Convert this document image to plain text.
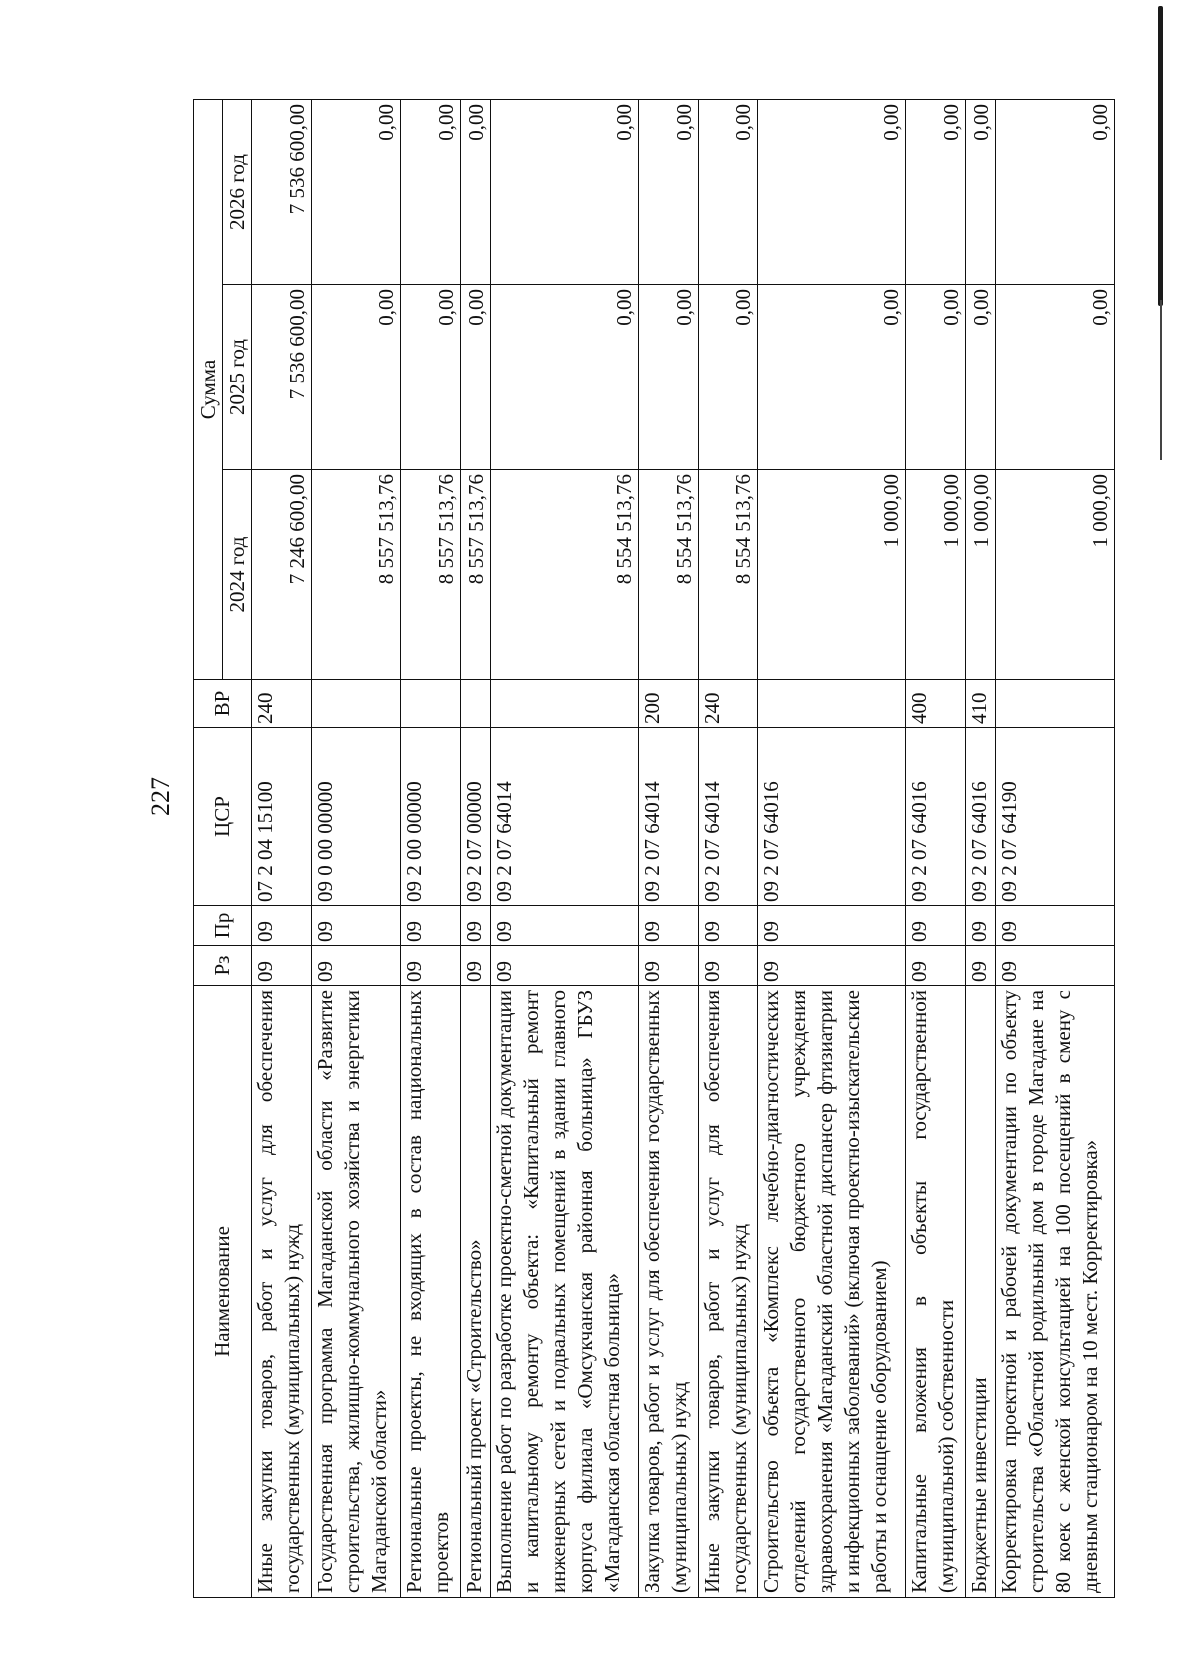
227
Наименование	Рз	Пр	ЦСР	ВР	Сумма		
					2024 год	2025 год	2026 год
Иные закупки товаров, работ и услуг для обеспечения государственных (муниципальных) нужд	09	09	07 2 04 15100	240	7 246 600,00	7 536 600,00	7 536 600,00
Государственная программа Магаданской области «Развитие строительства, жилищно-коммунального хозяйства и энергетики Магаданской области»	09	09	09 0 00 00000		8 557 513,76	0,00	0,00
Региональные проекты, не входящих в состав национальных проектов	09	09	09 2 00 00000		8 557 513,76	0,00	0,00
Региональный проект «Строительство»	09	09	09 2 07 00000		8 557 513,76	0,00	0,00
Выполнение работ по разработке проектно-сметной документации и капитальному ремонту объекта: «Капитальный ремонт инженерных сетей и подвальных помещений в здании главного корпуса филиала «Омсукчанская районная больница» ГБУЗ «Магаданская областная больница»	09	09	09 2 07 64014		8 554 513,76	0,00	0,00
Закупка товаров, работ и услуг для обеспечения государственных (муниципальных) нужд	09	09	09 2 07 64014	200	8 554 513,76	0,00	0,00
Иные закупки товаров, работ и услуг для обеспечения государственных (муниципальных) нужд	09	09	09 2 07 64014	240	8 554 513,76	0,00	0,00
Строительство объекта «Комплекс лечебно-диагностических отделений государственного бюджетного учреждения здравоохранения «Магаданский областной диспансер фтизиатрии и инфекционных заболеваний» (включая проектно-изыскательские работы и оснащение оборудованием)	09	09	09 2 07 64016		1 000,00	0,00	0,00
Капитальные вложения в объекты государственной (муниципальной) собственности	09	09	09 2 07 64016	400	1 000,00	0,00	0,00
Бюджетные инвестиции	09	09	09 2 07 64016	410	1 000,00	0,00	0,00
Корректировка проектной и рабочей документации по объекту строительства «Областной родильный дом в городе Магадане на 80 коек с женской консультацией на 100 посещений в смену с дневным стационаром на 10 мест. Корректировка»	09	09	09 2 07 64190		1 000,00	0,00	0,00
